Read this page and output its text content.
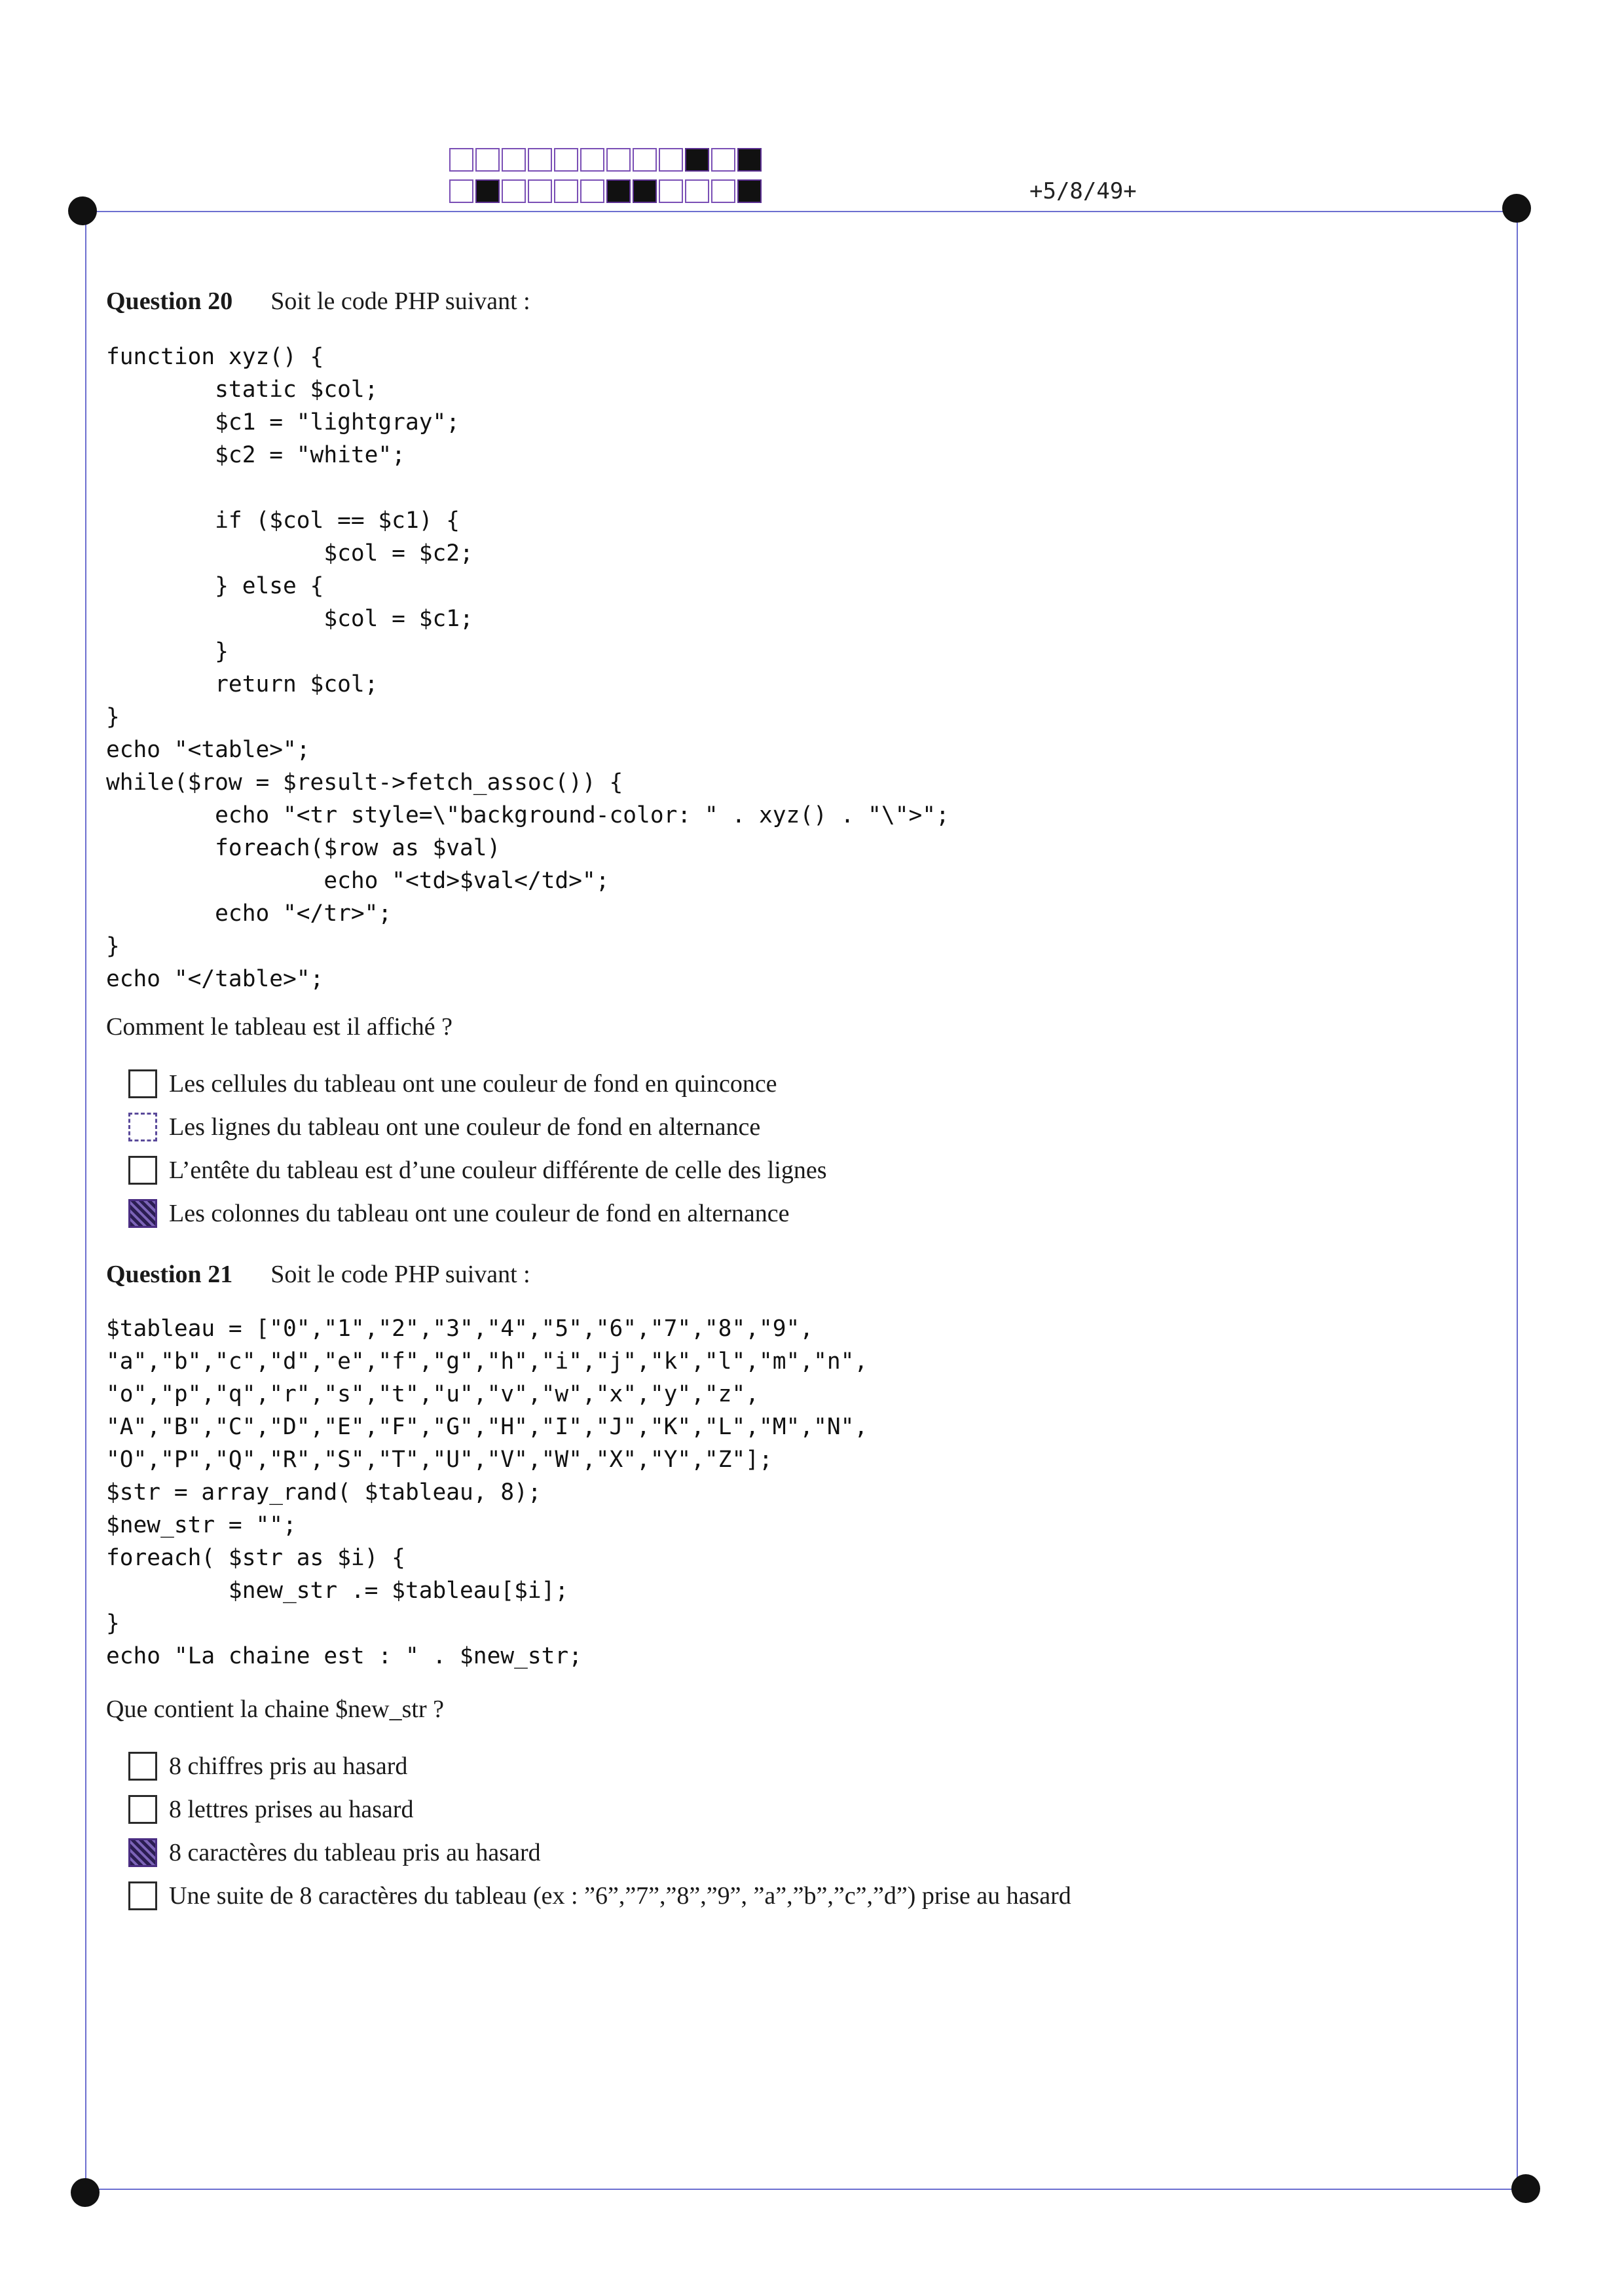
+5/8/49+
Question 20 Soit le code PHP suivant :
function xyz() {
static $col;
$c1 = "lightgray";
$c2 = "white";

if ($col == $c1) {
$col = $c2;
} else {
$col = $c1;
}
return $col;
}
echo "<table>";
while($row = $result->fetch_assoc()) {
echo "<tr style=\"background-color: " . xyz() . "\">";
foreach($row as $val)
echo "<td>$val</td>";
echo "</tr>";
}
echo "</table>";
Comment le tableau est il affiché ?
Les cellules du tableau ont une couleur de fond en quinconce
Les lignes du tableau ont une couleur de fond en alternance
L’entête du tableau est d’une couleur différente de celle des lignes
Les colonnes du tableau ont une couleur de fond en alternance
Question 21 Soit le code PHP suivant :
$tableau = ["0","1","2","3","4","5","6","7","8","9",
"a","b","c","d","e","f","g","h","i","j","k","l","m","n",
"o","p","q","r","s","t","u","v","w","x","y","z",
"A","B","C","D","E","F","G","H","I","J","K","L","M","N",
"O","P","Q","R","S","T","U","V","W","X","Y","Z"];
$str = array_rand( $tableau, 8);
$new_str = "";
foreach( $str as $i) {
$new_str .= $tableau[$i];
}
echo "La chaine est : " . $new_str;
Que contient la chaine $new_str ?
8 chiffres pris au hasard
8 lettres prises au hasard
8 caractères du tableau pris au hasard
Une suite de 8 caractères du tableau (ex : ”6”,”7”,”8”,”9”, ”a”,”b”,”c”,”d”) prise au hasard
